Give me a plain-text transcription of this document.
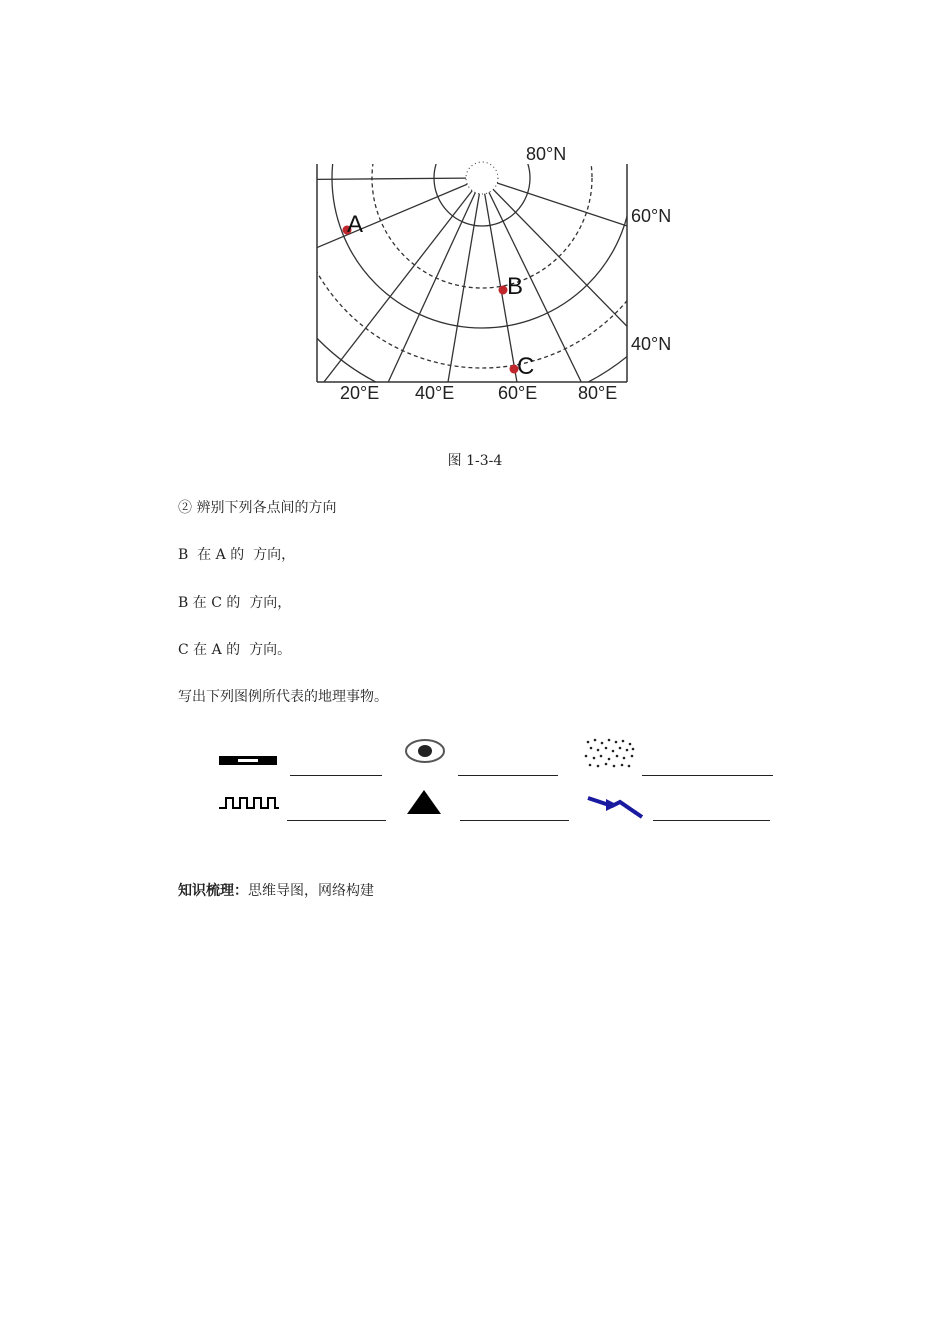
80°N
60°N
40°N
20°E 40°E 60°E 80°E
A
B
C
图 1-3-4
② 辨别下列各点间的方向
B  在 A 的  方向，
B 在 C 的  方向，
C 在 A 的  方向。
写出下列图例所代表的地理事物。
知识梳理：思维导图，网络构建
